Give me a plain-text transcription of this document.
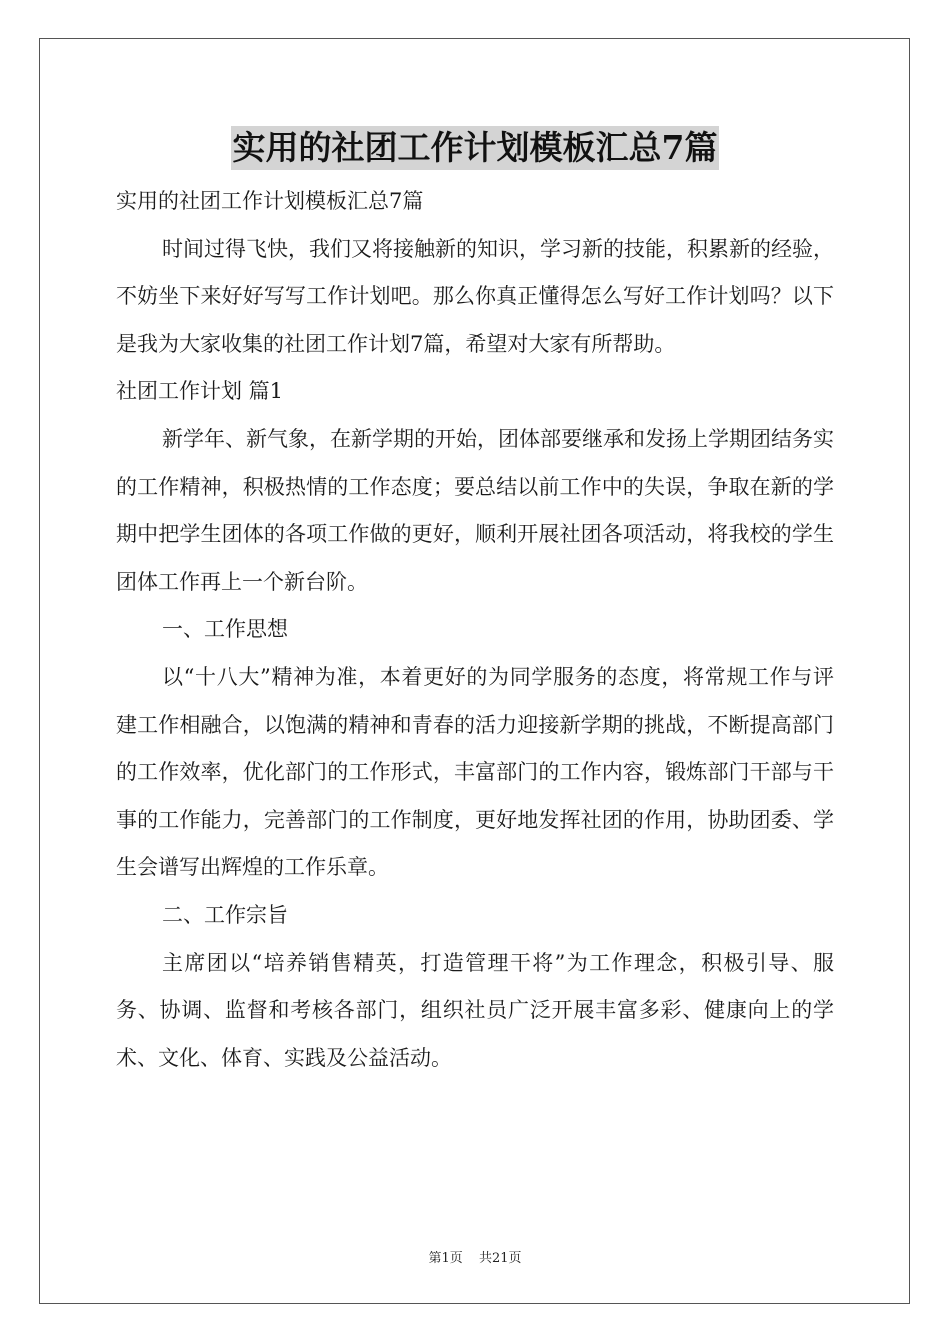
实用的社团工作计划模板汇总7篇

实用的社团工作计划模板汇总7篇

时间过得飞快，我们又将接触新的知识，学习新的技能，积累新的经验，不妨坐下来好好写写工作计划吧。那么你真正懂得怎么写好工作计划吗？以下是我为大家收集的社团工作计划7篇，希望对大家有所帮助。

社团工作计划 篇1

新学年、新气象，在新学期的开始，团体部要继承和发扬上学期团结务实的工作精神，积极热情的工作态度；要总结以前工作中的失误，争取在新的学期中把学生团体的各项工作做的更好，顺利开展社团各项活动，将我校的学生团体工作再上一个新台阶。

一、工作思想

以“十八大”精神为准，本着更好的为同学服务的态度，将常规工作与评建工作相融合，以饱满的精神和青春的活力迎接新学期的挑战，不断提高部门的工作效率，优化部门的工作形式，丰富部门的工作内容，锻炼部门干部与干事的工作能力，完善部门的工作制度，更好地发挥社团的作用，协助团委、学生会谱写出辉煌的工作乐章。

二、工作宗旨

主席团以“培养销售精英，打造管理干将”为工作理念，积极引导、服务、协调、监督和考核各部门，组织社员广泛开展丰富多彩、健康向上的学术、文化、体育、实践及公益活动。

第1页 共21页
